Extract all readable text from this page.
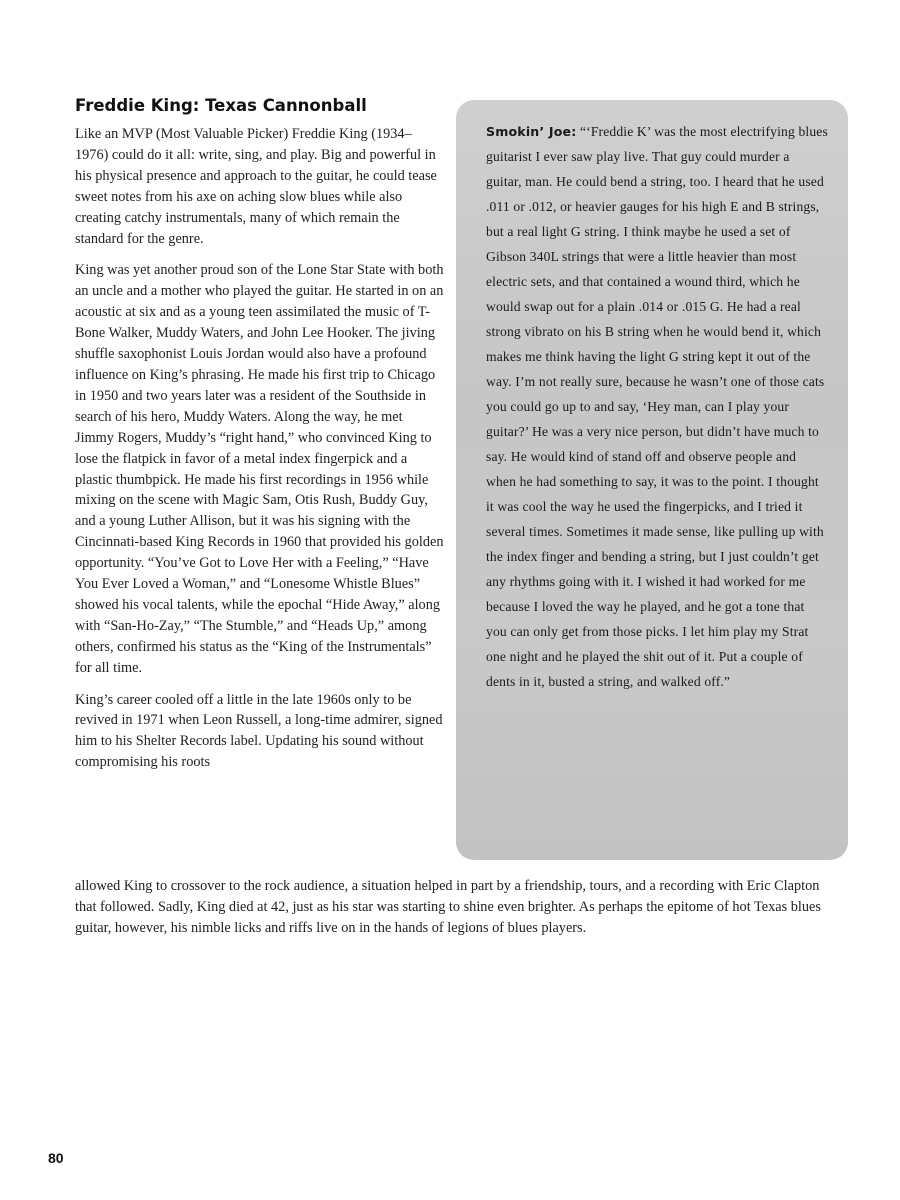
Freddie King: Texas Cannonball

Like an MVP (Most Valuable Picker) Freddie King (1934–1976) could do it all: write, sing, and play. Big and powerful in his physical presence and approach to the guitar, he could tease sweet notes from his axe on aching slow blues while also creating catchy instrumentals, many of which remain the standard for the genre.

King was yet another proud son of the Lone Star State with both an uncle and a mother who played the guitar. He started in on an acoustic at six and as a young teen assimilated the music of T-Bone Walker, Muddy Waters, and John Lee Hooker. The jiving shuffle saxophonist Louis Jordan would also have a profound influence on King’s phrasing. He made his first trip to Chicago in 1950 and two years later was a resident of the Southside in search of his hero, Muddy Waters. Along the way, he met Jimmy Rogers, Muddy’s “right hand,” who convinced King to lose the flatpick in favor of a metal index fingerpick and a plastic thumbpick. He made his first recordings in 1956 while mixing on the scene with Magic Sam, Otis Rush, Buddy Guy, and a young Luther Allison, but it was his signing with the Cincinnati-based King Records in 1960 that provided his golden opportunity. “You’ve Got to Love Her with a Feeling,” “Have You Ever Loved a Woman,” and “Lonesome Whistle Blues” showed his vocal talents, while the epochal “Hide Away,” along with “San-Ho-Zay,” “The Stumble,” and “Heads Up,” among others, confirmed his status as the “King of the Instrumentals” for all time.

King’s career cooled off a little in the late 1960s only to be revived in 1971 when Leon Russell, a long-time admirer, signed him to his Shelter Records label. Updating his sound without compromising his roots

Smokin’ Joe: “‘Freddie K’ was the most electrifying blues guitarist I ever saw play live. That guy could murder a guitar, man. He could bend a string, too. I heard that he used .011 or .012, or heavier gauges for his high E and B strings, but a real light G string. I think maybe he used a set of Gibson 340L strings that were a little heavier than most electric sets, and that contained a wound third, which he would swap out for a plain .014 or .015 G. He had a real strong vibrato on his B string when he would bend it, which makes me think having the light G string kept it out of the way. I’m not really sure, because he wasn’t one of those cats you could go up to and say, ‘Hey man, can I play your guitar?’ He was a very nice person, but didn’t have much to say. He would kind of stand off and observe people and when he had something to say, it was to the point. I thought it was cool the way he used the fingerpicks, and I tried it several times. Sometimes it made sense, like pulling up with the index finger and bending a string, but I just couldn’t get any rhythms going with it. I wished it had worked for me because I loved the way he played, and he got a tone that you can only get from those picks. I let him play my Strat one night and he played the shit out of it. Put a couple of dents in it, busted a string, and walked off.”

allowed King to crossover to the rock audience, a situation helped in part by a friendship, tours, and a recording with Eric Clapton that followed. Sadly, King died at 42, just as his star was starting to shine even brighter. As perhaps the epitome of hot Texas blues guitar, however, his nimble licks and riffs live on in the hands of legions of blues players.

80
